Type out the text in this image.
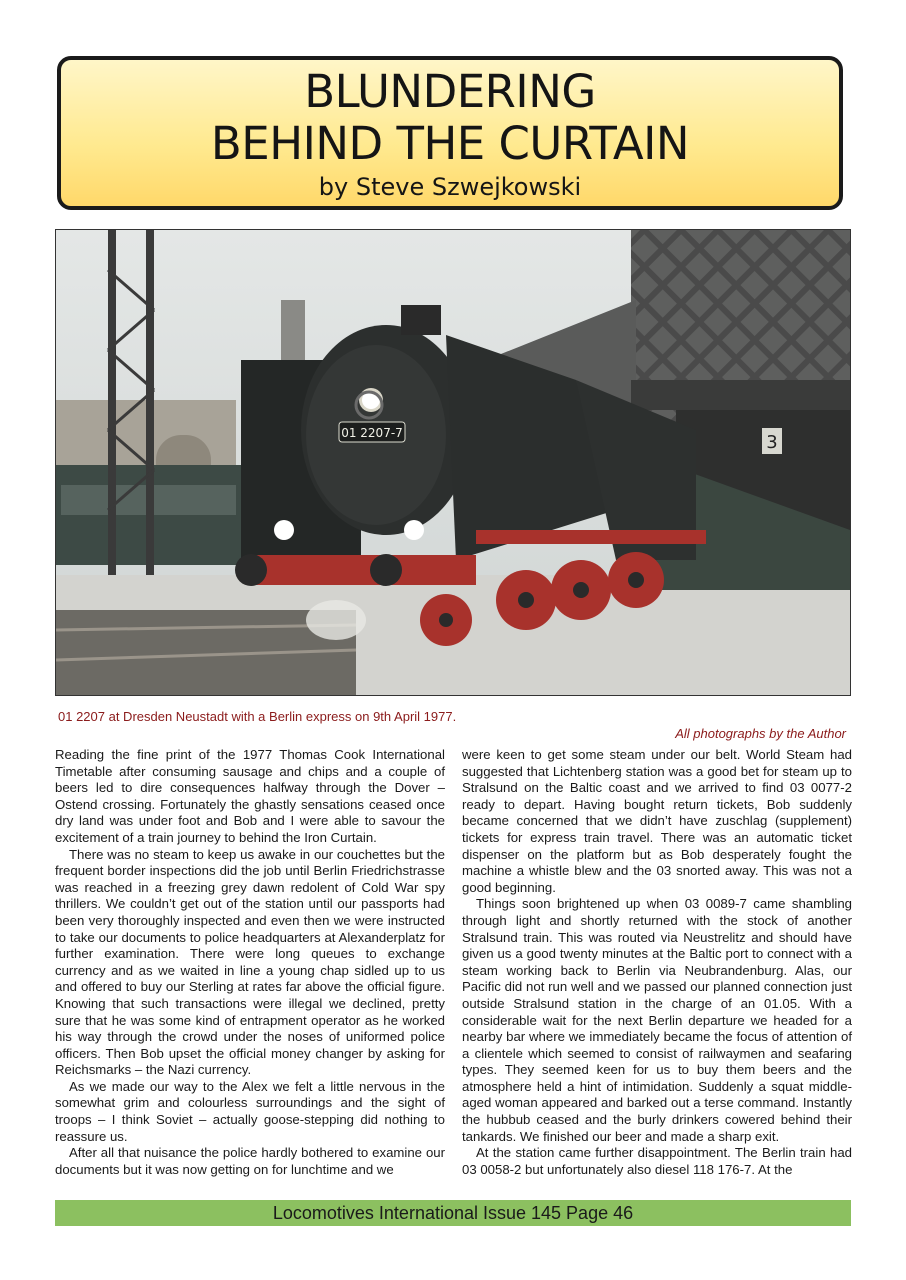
BLUNDERING
BEHIND THE CURTAIN
by Steve Szwejkowski
3
01 2207-7
01 2207 at Dresden Neustadt with a Berlin express on 9th April 1977.
All photographs by the Author

Reading the fine print of the 1977 Thomas Cook International Timetable after consuming sausage and chips and a couple of beers led to dire consequences halfway through the Dover – Ostend crossing. Fortunately the ghastly sensations ceased once dry land was under foot and Bob and I were able to savour the excitement of a train journey to behind the Iron Curtain.

There was no steam to keep us awake in our couchettes but the frequent border inspections did the job until Berlin Friedrichstrasse was reached in a freezing grey dawn redolent of Cold War spy thrillers. We couldn’t get out of the station until our passports had been very thoroughly inspected and even then we were instructed to take our documents to police headquarters at Alexanderplatz for further examination. There were long queues to exchange currency and as we waited in line a young chap sidled up to us and offered to buy our Sterling at rates far above the official figure. Knowing that such transactions were illegal we declined, pretty sure that he was some kind of entrapment operator as he worked his way through the crowd under the noses of uniformed police officers. Then Bob upset the official money changer by asking for Reichsmarks – the Nazi currency.

As we made our way to the Alex we felt a little nervous in the somewhat grim and colourless surroundings and the sight of troops – I think Soviet – actually goose-stepping did nothing to reassure us.

After all that nuisance the police hardly bothered to examine our documents but it was now getting on for lunchtime and we

were keen to get some steam under our belt. World Steam had suggested that Lichtenberg station was a good bet for steam up to Stralsund on the Baltic coast and we arrived to find 03 0077-2 ready to depart. Having bought return tickets, Bob suddenly became concerned that we didn’t have zuschlag (supplement) tickets for express train travel. There was an automatic ticket dispenser on the platform but as Bob desperately fought the machine a whistle blew and the 03 snorted away. This was not a good beginning.

Things soon brightened up when 03 0089-7 came shambling through light and shortly returned with the stock of another Stralsund train. This was routed via Neustrelitz and should have given us a good twenty minutes at the Baltic port to connect with a steam working back to Berlin via Neubrandenburg. Alas, our Pacific did not run well and we passed our planned connection just outside Stralsund station in the charge of an 01.05. With a considerable wait for the next Berlin departure we headed for a nearby bar where we immediately became the focus of attention of a clientele which seemed to consist of railwaymen and seafaring types. They seemed keen for us to buy them beers and the atmosphere held a hint of intimidation. Suddenly a squat middle-aged woman appeared and barked out a terse command. Instantly the hubbub ceased and the burly drinkers cowered behind their tankards. We finished our beer and made a sharp exit.

At the station came further disappointment. The Berlin train had 03 0058-2 but unfortunately also diesel 118 176-7. At the

Locomotives International Issue 145 Page 46
